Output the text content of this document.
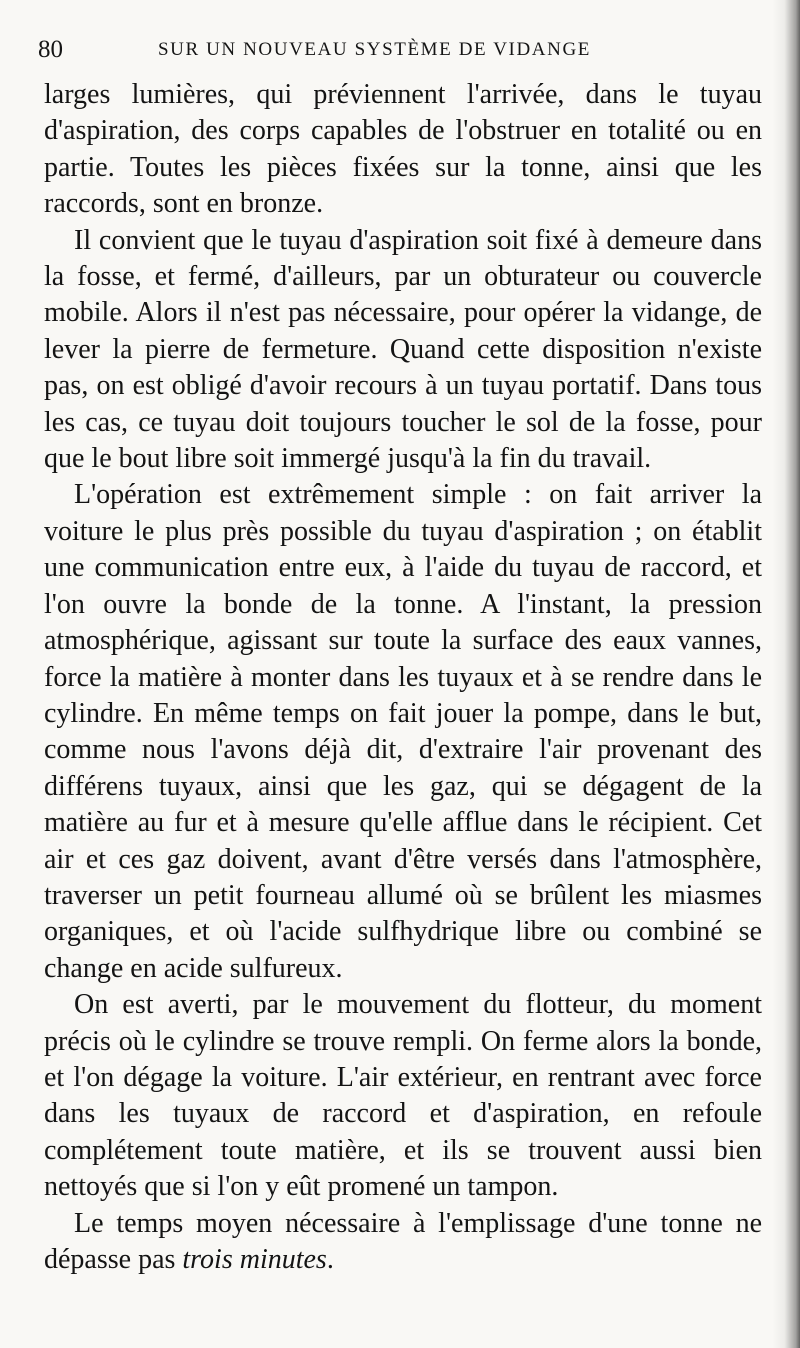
80	SUR UN NOUVEAU SYSTÈME DE VIDANGE

larges lumières, qui préviennent l'arrivée, dans le tuyau d'aspiration, des corps capables de l'obstruer en totalité ou en partie. Toutes les pièces fixées sur la tonne, ainsi que les raccords, sont en bronze.

Il convient que le tuyau d'aspiration soit fixé à demeure dans la fosse, et fermé, d'ailleurs, par un obturateur ou couvercle mobile. Alors il n'est pas nécessaire, pour opérer la vidange, de lever la pierre de fermeture. Quand cette disposition n'existe pas, on est obligé d'avoir recours à un tuyau portatif. Dans tous les cas, ce tuyau doit toujours toucher le sol de la fosse, pour que le bout libre soit immergé jusqu'à la fin du travail.

L'opération est extrêmement simple : on fait arriver la voiture le plus près possible du tuyau d'aspiration ; on établit une communication entre eux, à l'aide du tuyau de raccord, et l'on ouvre la bonde de la tonne. A l'instant, la pression atmosphérique, agissant sur toute la surface des eaux vannes, force la matière à monter dans les tuyaux et à se rendre dans le cylindre. En même temps on fait jouer la pompe, dans le but, comme nous l'avons déjà dit, d'extraire l'air provenant des différens tuyaux, ainsi que les gaz, qui se dégagent de la matière au fur et à mesure qu'elle afflue dans le récipient. Cet air et ces gaz doivent, avant d'être versés dans l'atmosphère, traverser un petit fourneau allumé où se brûlent les miasmes organiques, et où l'acide sulfhydrique libre ou combiné se change en acide sulfureux.

On est averti, par le mouvement du flotteur, du moment précis où le cylindre se trouve rempli. On ferme alors la bonde, et l'on dégage la voiture. L'air extérieur, en rentrant avec force dans les tuyaux de raccord et d'aspiration, en refoule complétement toute matière, et ils se trouvent aussi bien nettoyés que si l'on y eût promené un tampon.

Le temps moyen nécessaire à l'emplissage d'une tonne ne dépasse pas trois minutes.
